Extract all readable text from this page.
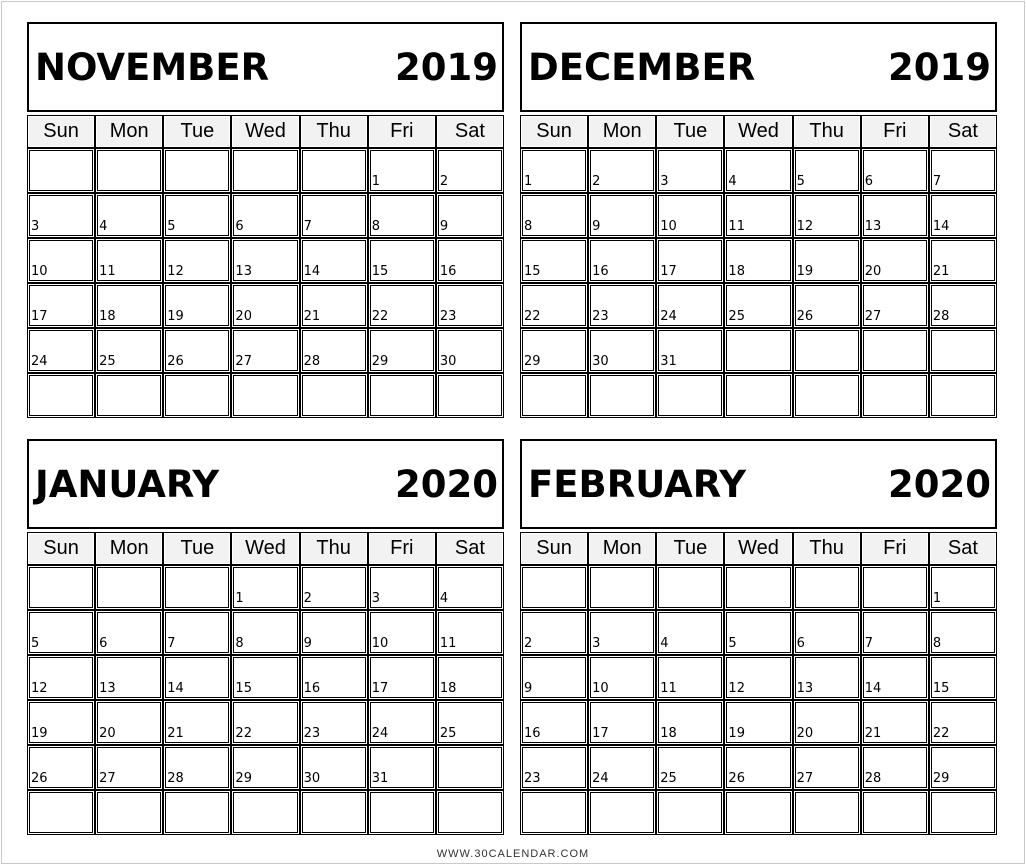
NOVEMBER	2019
Sun	Mon	Tue	Wed	Thu	Fri	Sat

					1	2

3	4	5	6	7	8	9

10	11	12	13	14	15	16

17	18	19	20	21	22	23

24	25	26	27	28	29	30

DECEMBER	2019
Sun	Mon	Tue	Wed	Thu	Fri	Sat

1	2	3	4	5	6	7

8	9	10	11	12	13	14

15	16	17	18	19	20	21

22	23	24	25	26	27	28

29	30	31				

JANUARY	2020
Sun	Mon	Tue	Wed	Thu	Fri	Sat

			1	2	3	4

5	6	7	8	9	10	11

12	13	14	15	16	17	18

19	20	21	22	23	24	25

26	27	28	29	30	31	

FEBRUARY	2020
Sun	Mon	Tue	Wed	Thu	Fri	Sat

						1

2	3	4	5	6	7	8

9	10	11	12	13	14	15

16	17	18	19	20	21	22

23	24	25	26	27	28	29

WWW.30CALENDAR.COM
